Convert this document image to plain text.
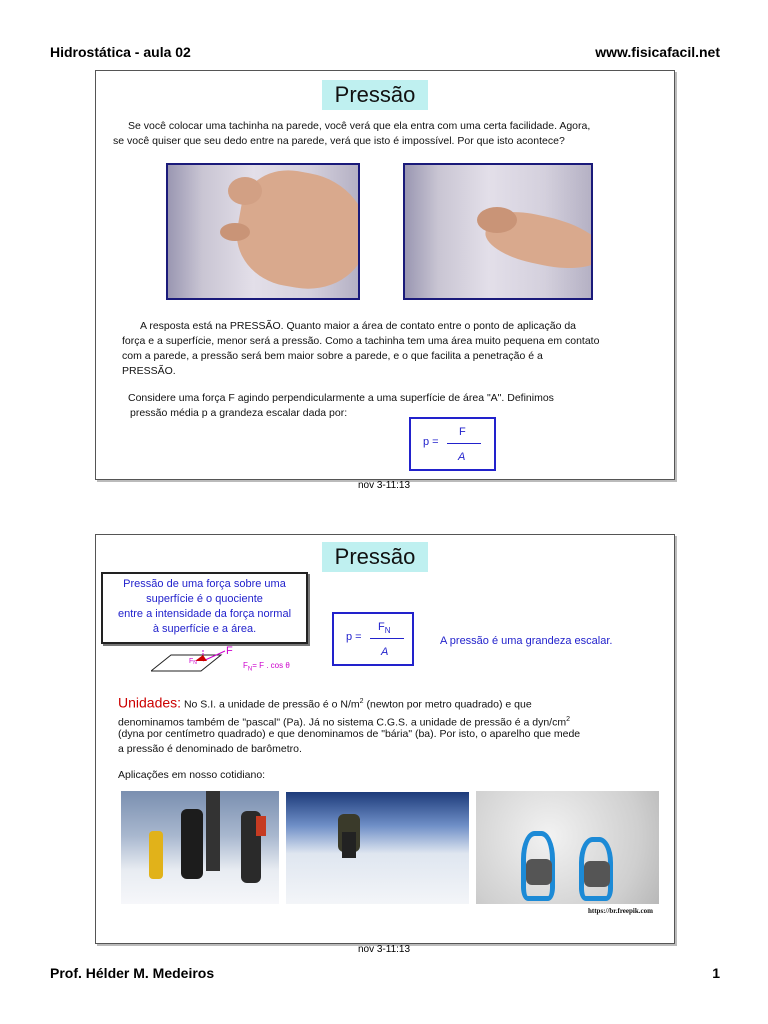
Hidrostática - aula 02	www.fisicafacil.net
Pressão
Se você colocar uma tachinha na parede, você verá que ela entra com uma certa facilidade. Agora,
se você quiser que seu dedo entre na parede, verá que isto é impossível. Por que isto acontece?
A resposta está na PRESSÃO. Quanto maior a área de contato entre o ponto de aplicação da
força e a superfície, menor será a pressão. Como a tachinha tem uma área muito pequena em contato
com a parede, a pressão será bem maior sobre a parede, e o que facilita a penetração é a
PRESSÃO.
Considere uma força F agindo perpendicularmente a uma superfície de área "A". Definimos
pressão média p a grandeza escalar dada por:
p =
F
A
nov 3-11:13
Pressão
Pressão de uma força sobre uma
superfície é o quociente
entre a intensidade da força normal
à superfície e a área.
p =
$F_N$
A
A pressão é uma grandeza escalar.
F
FN	$F_N= F$ . cos θ
Unidades: No S.I. a unidade de pressão é o $N/m^2$ (newton por metro quadrado) e que
denominamos também de "pascal" (Pa). Já no sistema C.G.S. a unidade de pressão é a dyn/$cm^2$
(dyna por centímetro quadrado) e que denominamos de "bária" (ba). Por isto, o aparelho que mede
a pressão é denominado de barômetro.
Aplicações em nosso cotidiano:
https://br.freepik.com
nov 3-11:13
Prof. Hélder M. Medeiros	1
